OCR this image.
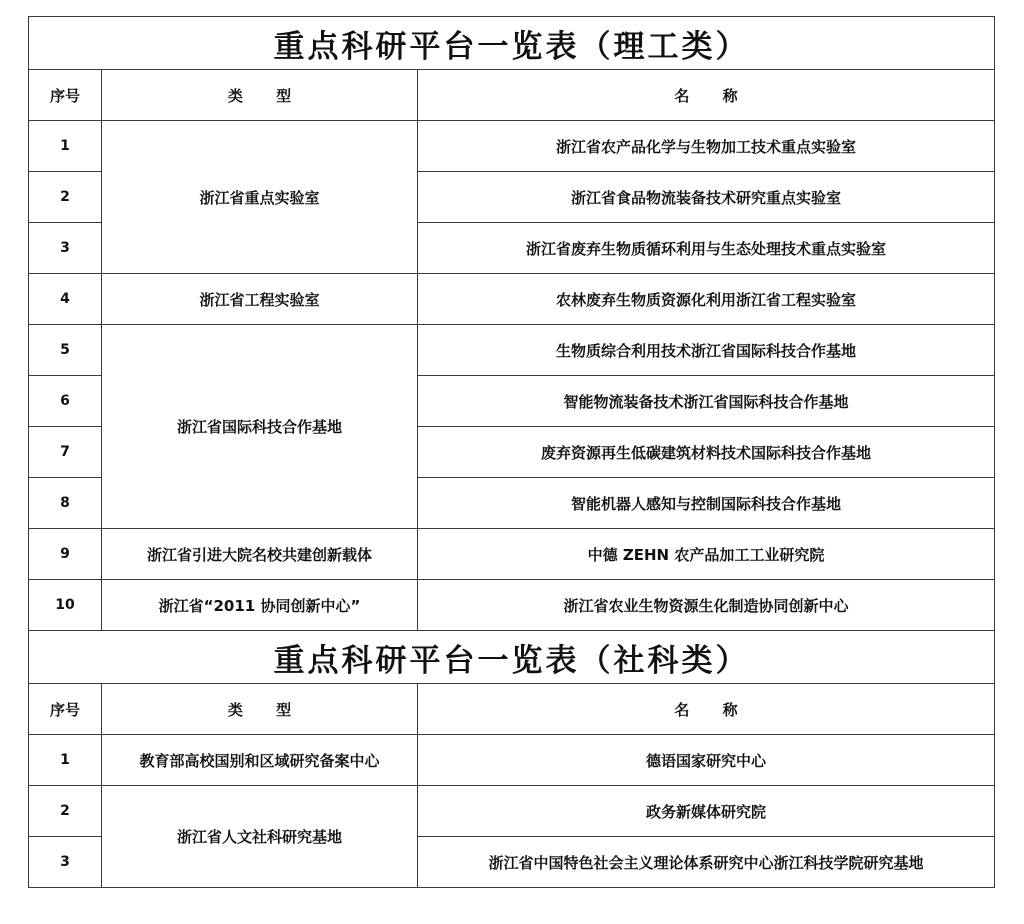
重点科研平台一览表（理工类）		
序号	类 型	名 称
1	浙江省重点实验室	浙江省农产品化学与生物加工技术重点实验室
2		浙江省食品物流装备技术研究重点实验室
3		浙江省废弃生物质循环利用与生态处理技术重点实验室
4	浙江省工程实验室	农林废弃生物质资源化利用浙江省工程实验室
5	浙江省国际科技合作基地	生物质综合利用技术浙江省国际科技合作基地
6		智能物流装备技术浙江省国际科技合作基地
7		废弃资源再生低碳建筑材料技术国际科技合作基地
8		智能机器人感知与控制国际科技合作基地
9	浙江省引进大院名校共建创新载体	中德 ZEHN 农产品加工工业研究院
10	浙江省“2011 协同创新中心”	浙江省农业生物资源生化制造协同创新中心
重点科研平台一览表（社科类）		
序号	类 型	名 称
1	教育部高校国别和区域研究备案中心	德语国家研究中心
2	浙江省人文社科研究基地	政务新媒体研究院
3		浙江省中国特色社会主义理论体系研究中心浙江科技学院研究基地
